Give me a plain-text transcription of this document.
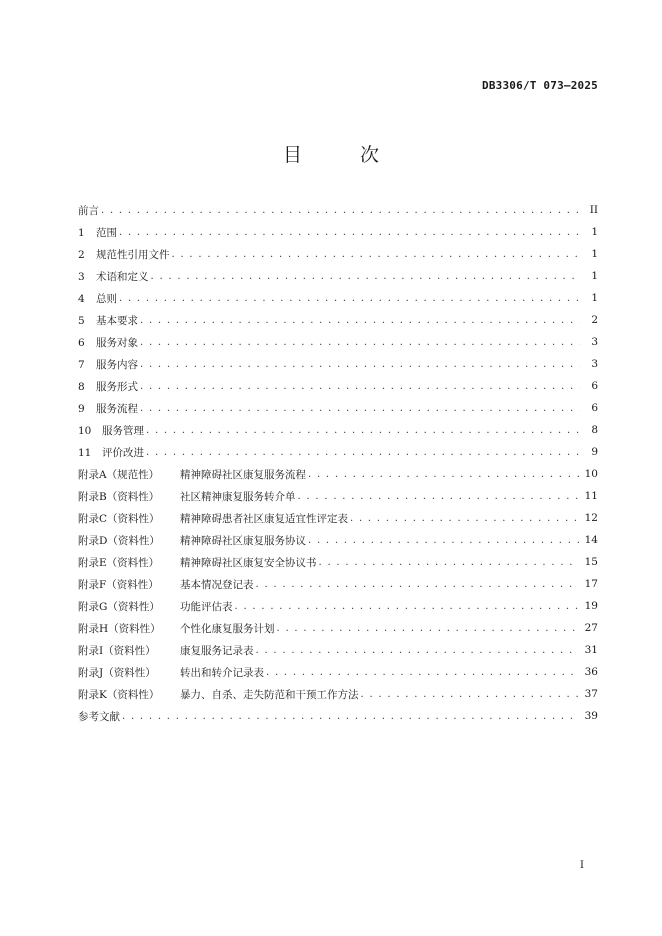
DB3306/T 073—2025
目 次
前言 . . .	II
1 范围 . . .	1
2 规范性引用文件 . . .	1
3 术语和定义 . . .	1
4 总则 . . .	1
5 基本要求 . . .	2
6 服务对象 . . .	3
7 服务内容 . . .	3
8 服务形式 . . .	6
9 服务流程 . . .	6
10 服务管理 . . .	8
11 评价改进 . . .	9
附录A（规范性） 精神障碍社区康复服务流程 . . .	10
附录B（资料性） 社区精神康复服务转介单 . . .	11
附录C（资料性） 精神障碍患者社区康复适宜性评定表 . . .	12
附录D（资料性） 精神障碍社区康复服务协议 . . .	14
附录E（资料性） 精神障碍社区康复安全协议书 . . .	15
附录F（资料性） 基本情况登记表 . . .	17
附录G（资料性） 功能评估表 . . .	19
附录H（资料性） 个性化康复服务计划 . . .	27
附录I（资料性） 康复服务记录表 . . .	31
附录J（资料性） 转出和转介记录表 . . .	36
附录K（资料性） 暴力、自杀、走失防范和干预工作方法 . . .	37
参考文献 . . .	39
I
